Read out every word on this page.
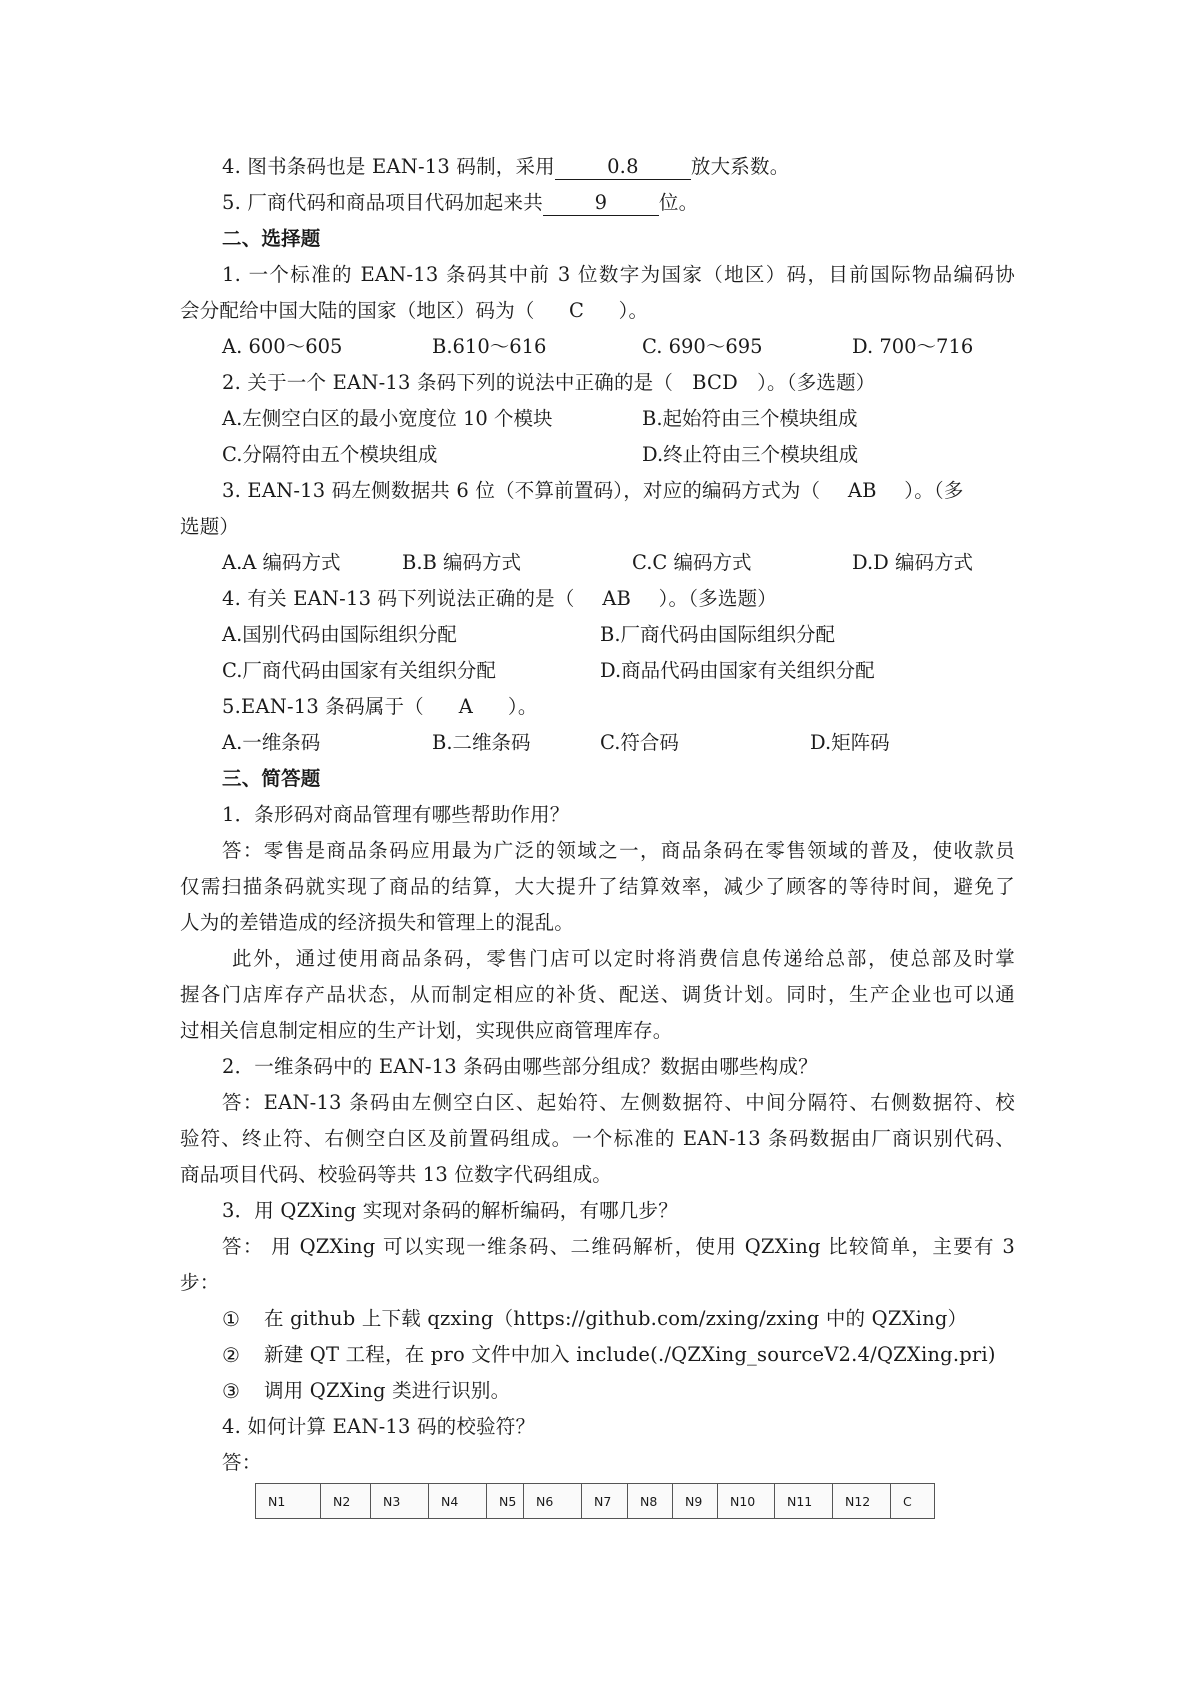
4. 图书条码也是 EAN-13 码制，采用	0.8	放大系数。
5. 厂商代码和商品项目代码加起来共	9	位。
二、选择题
1. 一个标准的 EAN-13 条码其中前 3 位数字为国家（地区）码，目前国际物品编码协
会分配给中国大陆的国家（地区）码为（ C ）。
A. 600～605	B.610～616	C. 690～695	D. 700～716
2. 关于一个 EAN-13 条码下列的说法中正确的是（ BCD ）。（多选题）
A.左侧空白区的最小宽度位 10 个模块	B.起始符由三个模块组成
C.分隔符由五个模块组成	D.终止符由三个模块组成
3. EAN-13 码左侧数据共 6 位（不算前置码），对应的编码方式为（ AB ）。（多
选题）
A.A 编码方式	B.B 编码方式	C.C 编码方式	D.D 编码方式
4. 有关 EAN-13 码下列说法正确的是（ AB ）。（多选题）
A.国别代码由国际组织分配	B.厂商代码由国际组织分配
C.厂商代码由国家有关组织分配	D.商品代码由国家有关组织分配
5.EAN-13 条码属于（ A ）。
A.一维条码	B.二维条码	C.符合码	D.矩阵码
三、简答题
1．条形码对商品管理有哪些帮助作用？
答：零售是商品条码应用最为广泛的领域之一，商品条码在零售领域的普及，使收款员
仅需扫描条码就实现了商品的结算，大大提升了结算效率，减少了顾客的等待时间，避免了
人为的差错造成的经济损失和管理上的混乱。
此外，通过使用商品条码，零售门店可以定时将消费信息传递给总部，使总部及时掌
握各门店库存产品状态，从而制定相应的补货、配送、调货计划。同时，生产企业也可以通
过相关信息制定相应的生产计划，实现供应商管理库存。
2．一维条码中的 EAN-13 条码由哪些部分组成？数据由哪些构成？
答：EAN-13 条码由左侧空白区、起始符、左侧数据符、中间分隔符、右侧数据符、校
验符、终止符、右侧空白区及前置码组成。一个标准的 EAN-13 条码数据由厂商识别代码、
商品项目代码、校验码等共 13 位数字代码组成。
3．用 QZXing 实现对条码的解析编码，有哪几步？
答： 用 QZXing 可以实现一维条码、二维码解析，使用 QZXing 比较简单，主要有 3
步：
① 在 github 上下载 qzxing（https://github.com/zxing/zxing 中的 QZXing）
② 新建 QT 工程，在 pro 文件中加入 include(./QZXing_sourceV2.4/QZXing.pri)
③ 调用 QZXing 类进行识别。
4. 如何计算 EAN-13 码的校验符？
答：
N1	N2	N3	N4	N5	N6	N7	N8	N9	N10	N11	N12	C
